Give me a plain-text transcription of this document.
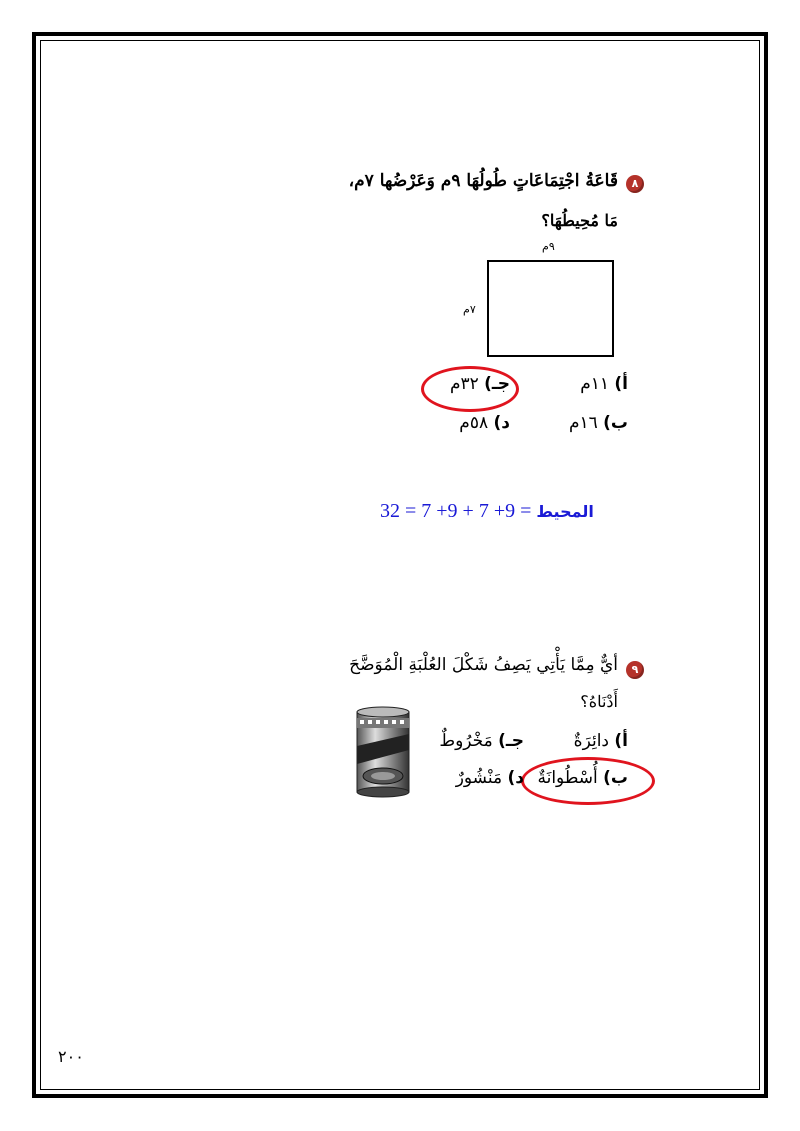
٨
قَاعَةُ اجْتِمَاعَاتٍ طُولُهَا ٩م وَعَرْضُها ٧م،
مَا مُحِيطُهَا؟
٩م
٧م
أ) ١١م
جـ) ٣٢م
ب) ١٦م
د) ٥٨م
32 = 7 +9 + 7 +9 = المحيط
٩
أيٌّ مِمَّا يَأْتِي يَصِفُ شَكْلَ العُلْبَةِ الْمُوَضَّحَ
أَدْنَاهُ؟
أ) دائِرَةٌ
جـ) مَخْرُوطٌ
ب) أُسْطُوانَةٌ
د) مَنْشُورٌ
٢٠٠
